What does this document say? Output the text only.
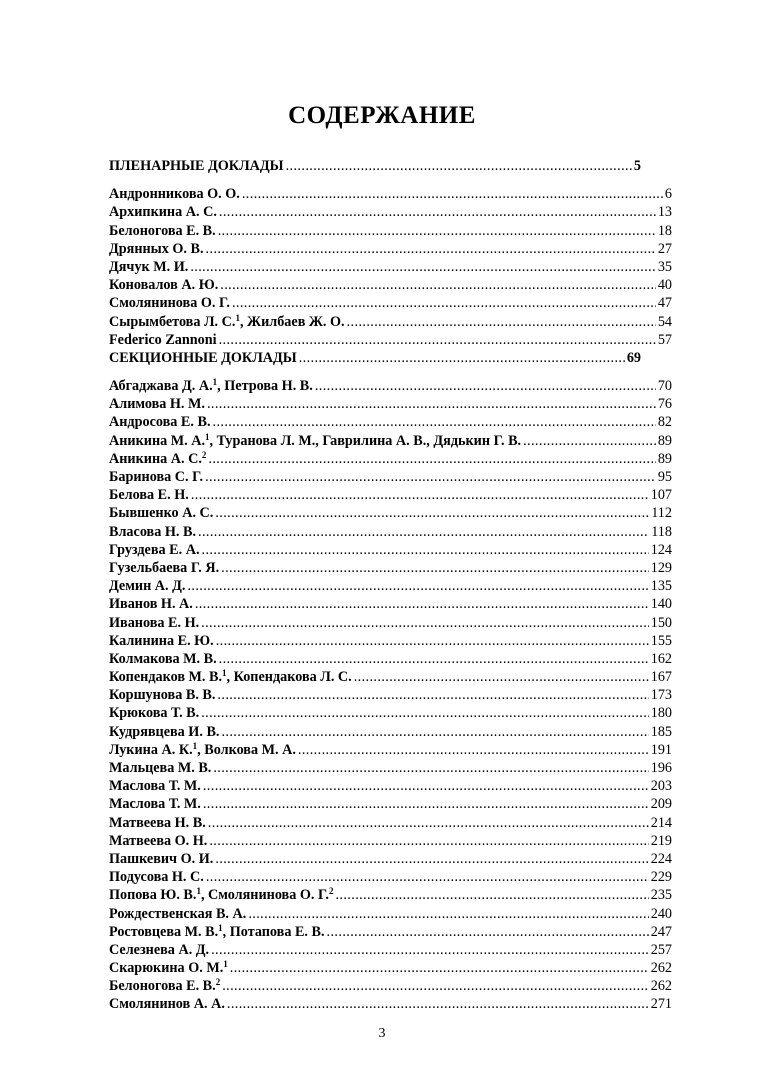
СОДЕРЖАНИЕ
ПЛЕНАРНЫЕ ДОКЛАДЫ .....	5
Андронникова О. О. .....	6
Архипкина А. С. .....	13
Белоногова Е. В. .....	18
Дрянных О. В. .....	27
Дячук М. И. .....	35
Коновалов А. Ю. .....	40
Смолянинова О. Г. .....	47
Сырымбетова Л. С.$^1$, Жилбаев Ж. О. .....	54
Federico Zannoni .....	57
СЕКЦИОННЫЕ ДОКЛАДЫ .....	69
Абгаджава Д. А.$^1$, Петрова Н. В. .....	70
Алимова Н. М. .....	76
Андросова Е. В. .....	82
Аникина М. А.$^1$, Туранова Л. М., Гаврилина А. В., Дядькин Г. В. .....	89
Аникина А. С.$^2$ .....	89
Баринова С. Г. .....	95
Белова Е. Н. .....	107
Бывшенко А. С. .....	112
Власова Н. В. .....	118
Груздева Е. А. .....	124
Гузельбаева Г. Я. .....	129
Демин А. Д. .....	135
Иванов Н. А. .....	140
Иванова Е. Н. .....	150
Калинина Е. Ю. .....	155
Колмакова М. В. .....	162
Копендаков М. В.$^1$, Копендакова Л. С. .....	167
Коршунова В. В. .....	173
Крюкова Т. В. .....	180
Кудрявцева И. В. .....	185
Лукина А. К.$^1$, Волкова М. А. .....	191
Мальцева М. В. .....	196
Маслова Т. М. .....	203
Маслова Т. М. .....	209
Матвеева Н. В. .....	214
Матвеева О. Н. .....	219
Пашкевич О. И. .....	224
Подусова Н. С. .....	229
Попова Ю. В.$^1$, Смолянинова О. Г.$^2$ .....	235
Рождественская В. А. .....	240
Ростовцева М. В.$^1$, Потапова Е. В. .....	247
Селезнева А. Д. .....	257
Скарюкина О. М.$^1$ .....	262
Белоногова Е. В.$^2$ .....	262
Смолянинов А. А. .....	271
3
